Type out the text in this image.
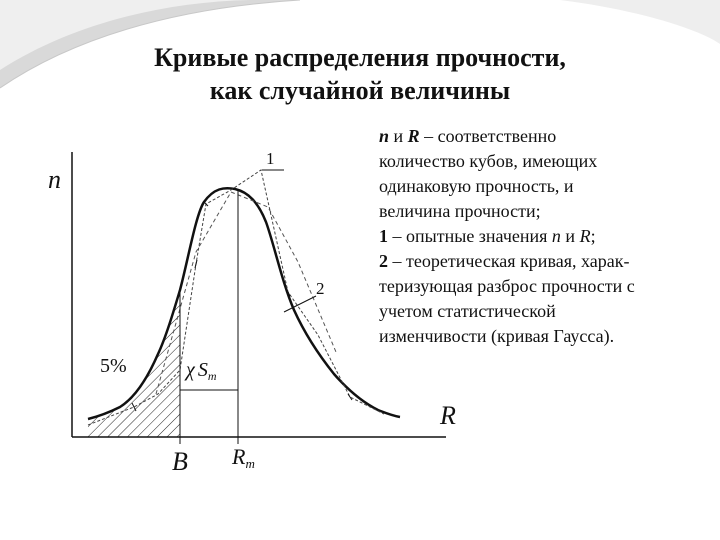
Кривые распределения прочности,
как случайной величины
n
R
5%
B Rm
χ $S_m$
1
2

n и R – соответственно

количество кубов, имеющих

одинаковую прочность, и

величина прочности;

1 – опытные значения n и R;

2 – теоретическая кривая, харак-

теризующая разброс прочности с

учетом статистической

изменчивости (кривая Гаусса).
